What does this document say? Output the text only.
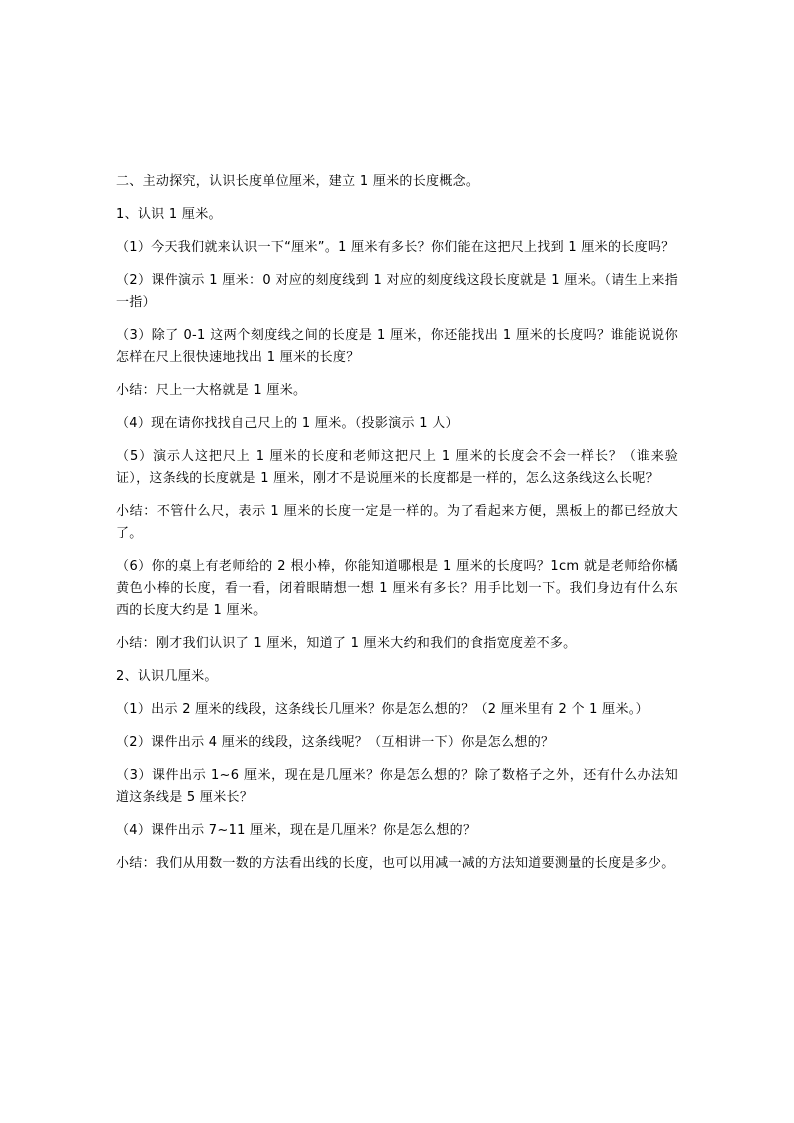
二、主动探究，认识长度单位厘米，建立 1 厘米的长度概念。

1、认识 1 厘米。

（1）今天我们就来认识一下“厘米”。1 厘米有多长？你们能在这把尺上找到 1 厘米的长度吗？

（2）课件演示 1 厘米：0 对应的刻度线到 1 对应的刻度线这段长度就是 1 厘米。（请生上来指一指）

（3）除了 0-1 这两个刻度线之间的长度是 1 厘米，你还能找出 1 厘米的长度吗？谁能说说你怎样在尺上很快速地找出 1 厘米的长度？

小结：尺上一大格就是 1 厘米。

（4）现在请你找找自己尺上的 1 厘米。（投影演示 1 人）

（5）演示人这把尺上 1 厘米的长度和老师这把尺上 1 厘米的长度会不会一样长？（谁来验证），这条线的长度就是 1 厘米，刚才不是说厘米的长度都是一样的，怎么这条线这么长呢？

小结：不管什么尺，表示 1 厘米的长度一定是一样的。为了看起来方便，黑板上的都已经放大了。

（6）你的桌上有老师给的 2 根小棒，你能知道哪根是 1 厘米的长度吗？1cm 就是老师给你橘黄色小棒的长度，看一看，闭着眼睛想一想 1 厘米有多长？用手比划一下。我们身边有什么东西的长度大约是 1 厘米。

小结：刚才我们认识了 1 厘米，知道了 1 厘米大约和我们的食指宽度差不多。

2、认识几厘米。

（1）出示 2 厘米的线段，这条线长几厘米？你是怎么想的？（2 厘米里有 2 个 1 厘米。）

（2）课件出示 4 厘米的线段，这条线呢？（互相讲一下）你是怎么想的？

（3）课件出示 1~6 厘米，现在是几厘米？你是怎么想的？除了数格子之外，还有什么办法知道这条线是 5 厘米长？

（4）课件出示 7~11 厘米，现在是几厘米？你是怎么想的？

小结：我们从用数一数的方法看出线的长度，也可以用减一减的方法知道要测量的长度是多少。
